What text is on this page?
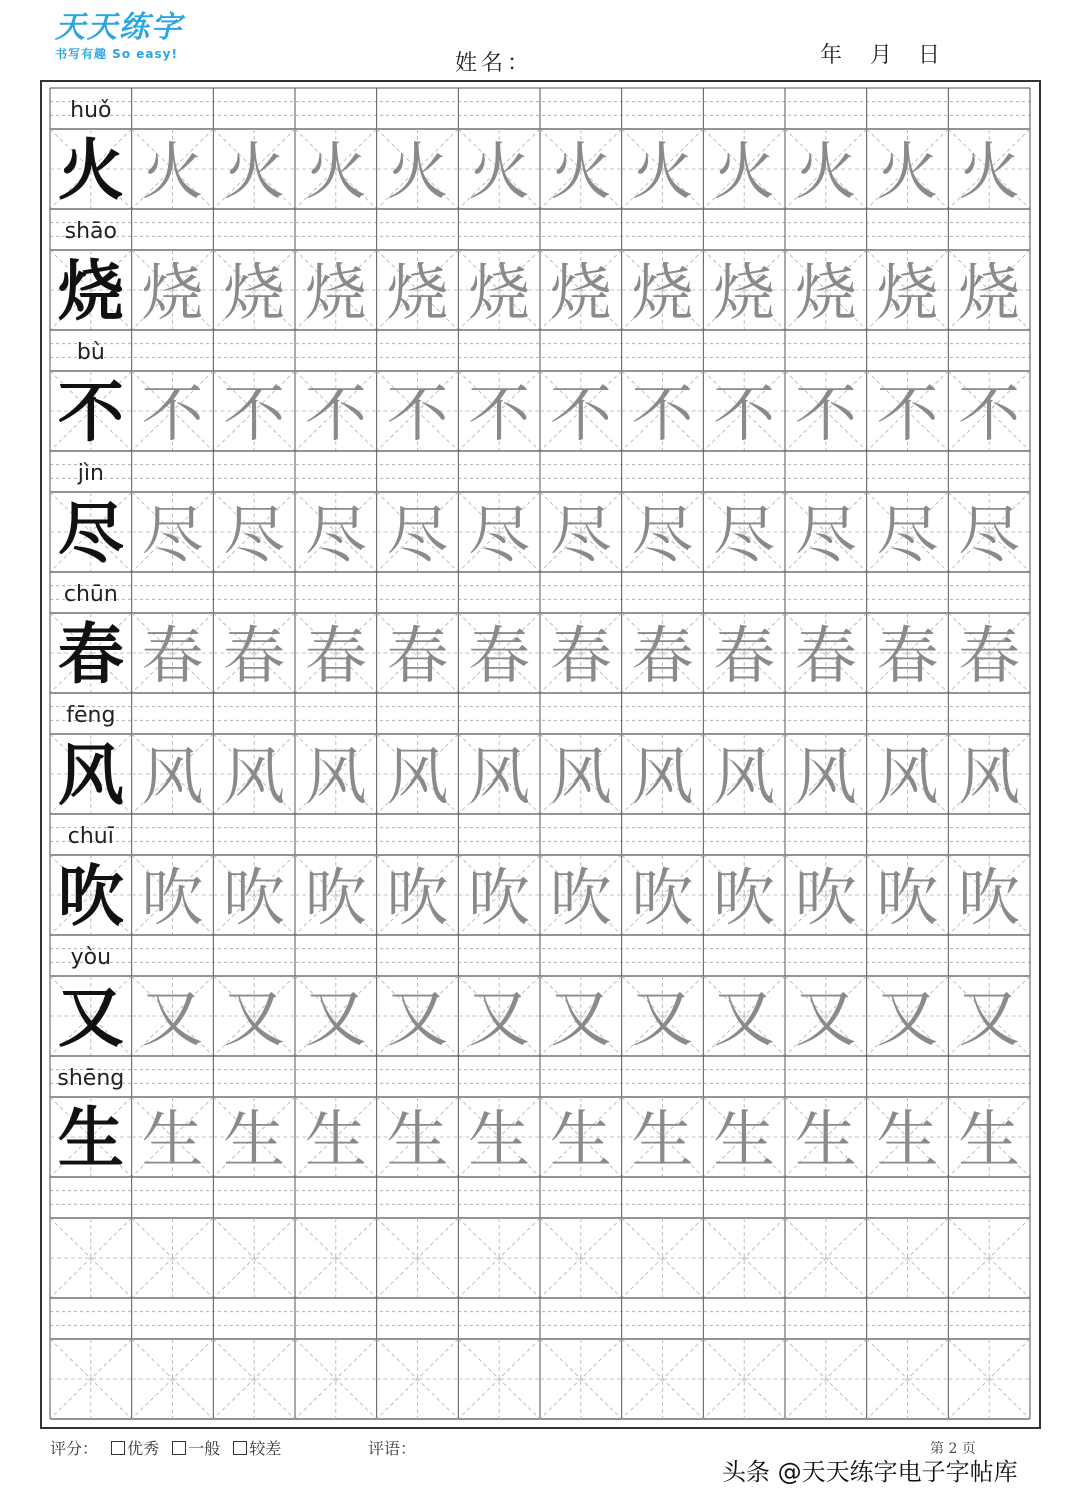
天天练字
书写有趣 So easy!	姓名：	年 月 日
火 火 火 火 火 火 火 火 火 火 火 火
huǒ
烧 烧 烧 烧 烧 烧 烧 烧 烧 烧 烧 烧
shāo
不 不 不 不 不 不 不 不 不 不 不 不
bù
尽 尽 尽 尽 尽 尽 尽 尽 尽 尽 尽 尽
jìn
春 春 春 春 春 春 春 春 春 春 春 春
chūn
风 风 风 风 风 风 风 风 风 风 风 风
fēng
吹 吹 吹 吹 吹 吹 吹 吹 吹 吹 吹 吹
chuī
又 又 又 又 又 又 又 又 又 又 又 又
yòu
生 生 生 生 生 生 生 生 生 生 生 生
shēng
评分： 优秀 一般 较差	评语：	第 2 页
头条 @天天练字电子字帖库
